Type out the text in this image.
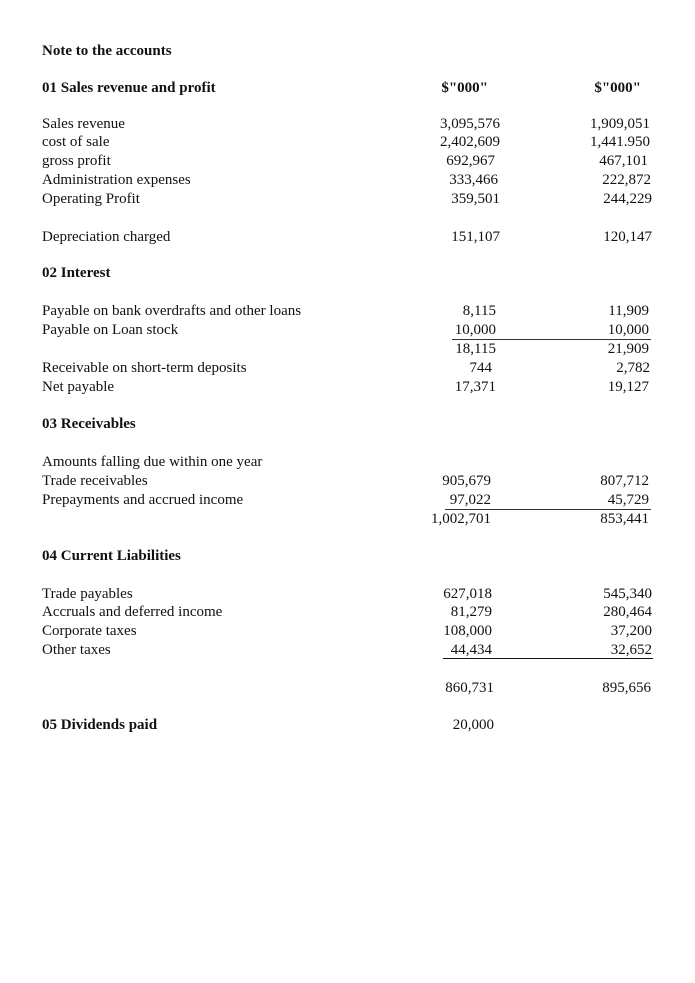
Note to the accounts
01 Sales revenue and profit	$"000"	$"000"
Sales revenue	3,095,576	1,909,051
cost of sale	2,402,609	1,441.950
gross profit	692,967	467,101
Administration expenses	333,466	222,872
Operating Profit	359,501	244,229
Depreciation charged	151,107	120,147
02 Interest
Payable on bank overdrafts and other loans	8,115	11,909
Payable on Loan stock	10,000	10,000
18,115	21,909
Receivable on short-term deposits	744	2,782
Net payable	17,371	19,127
03 Receivables
Amounts falling due within one year
Trade receivables	905,679	807,712
Prepayments and accrued income	97,022	45,729
1,002,701	853,441
04 Current Liabilities
Trade payables	627,018	545,340
Accruals and deferred income	81,279	280,464
Corporate taxes	108,000	37,200
Other taxes	44,434	32,652
860,731	895,656
05 Dividends paid	20,000
